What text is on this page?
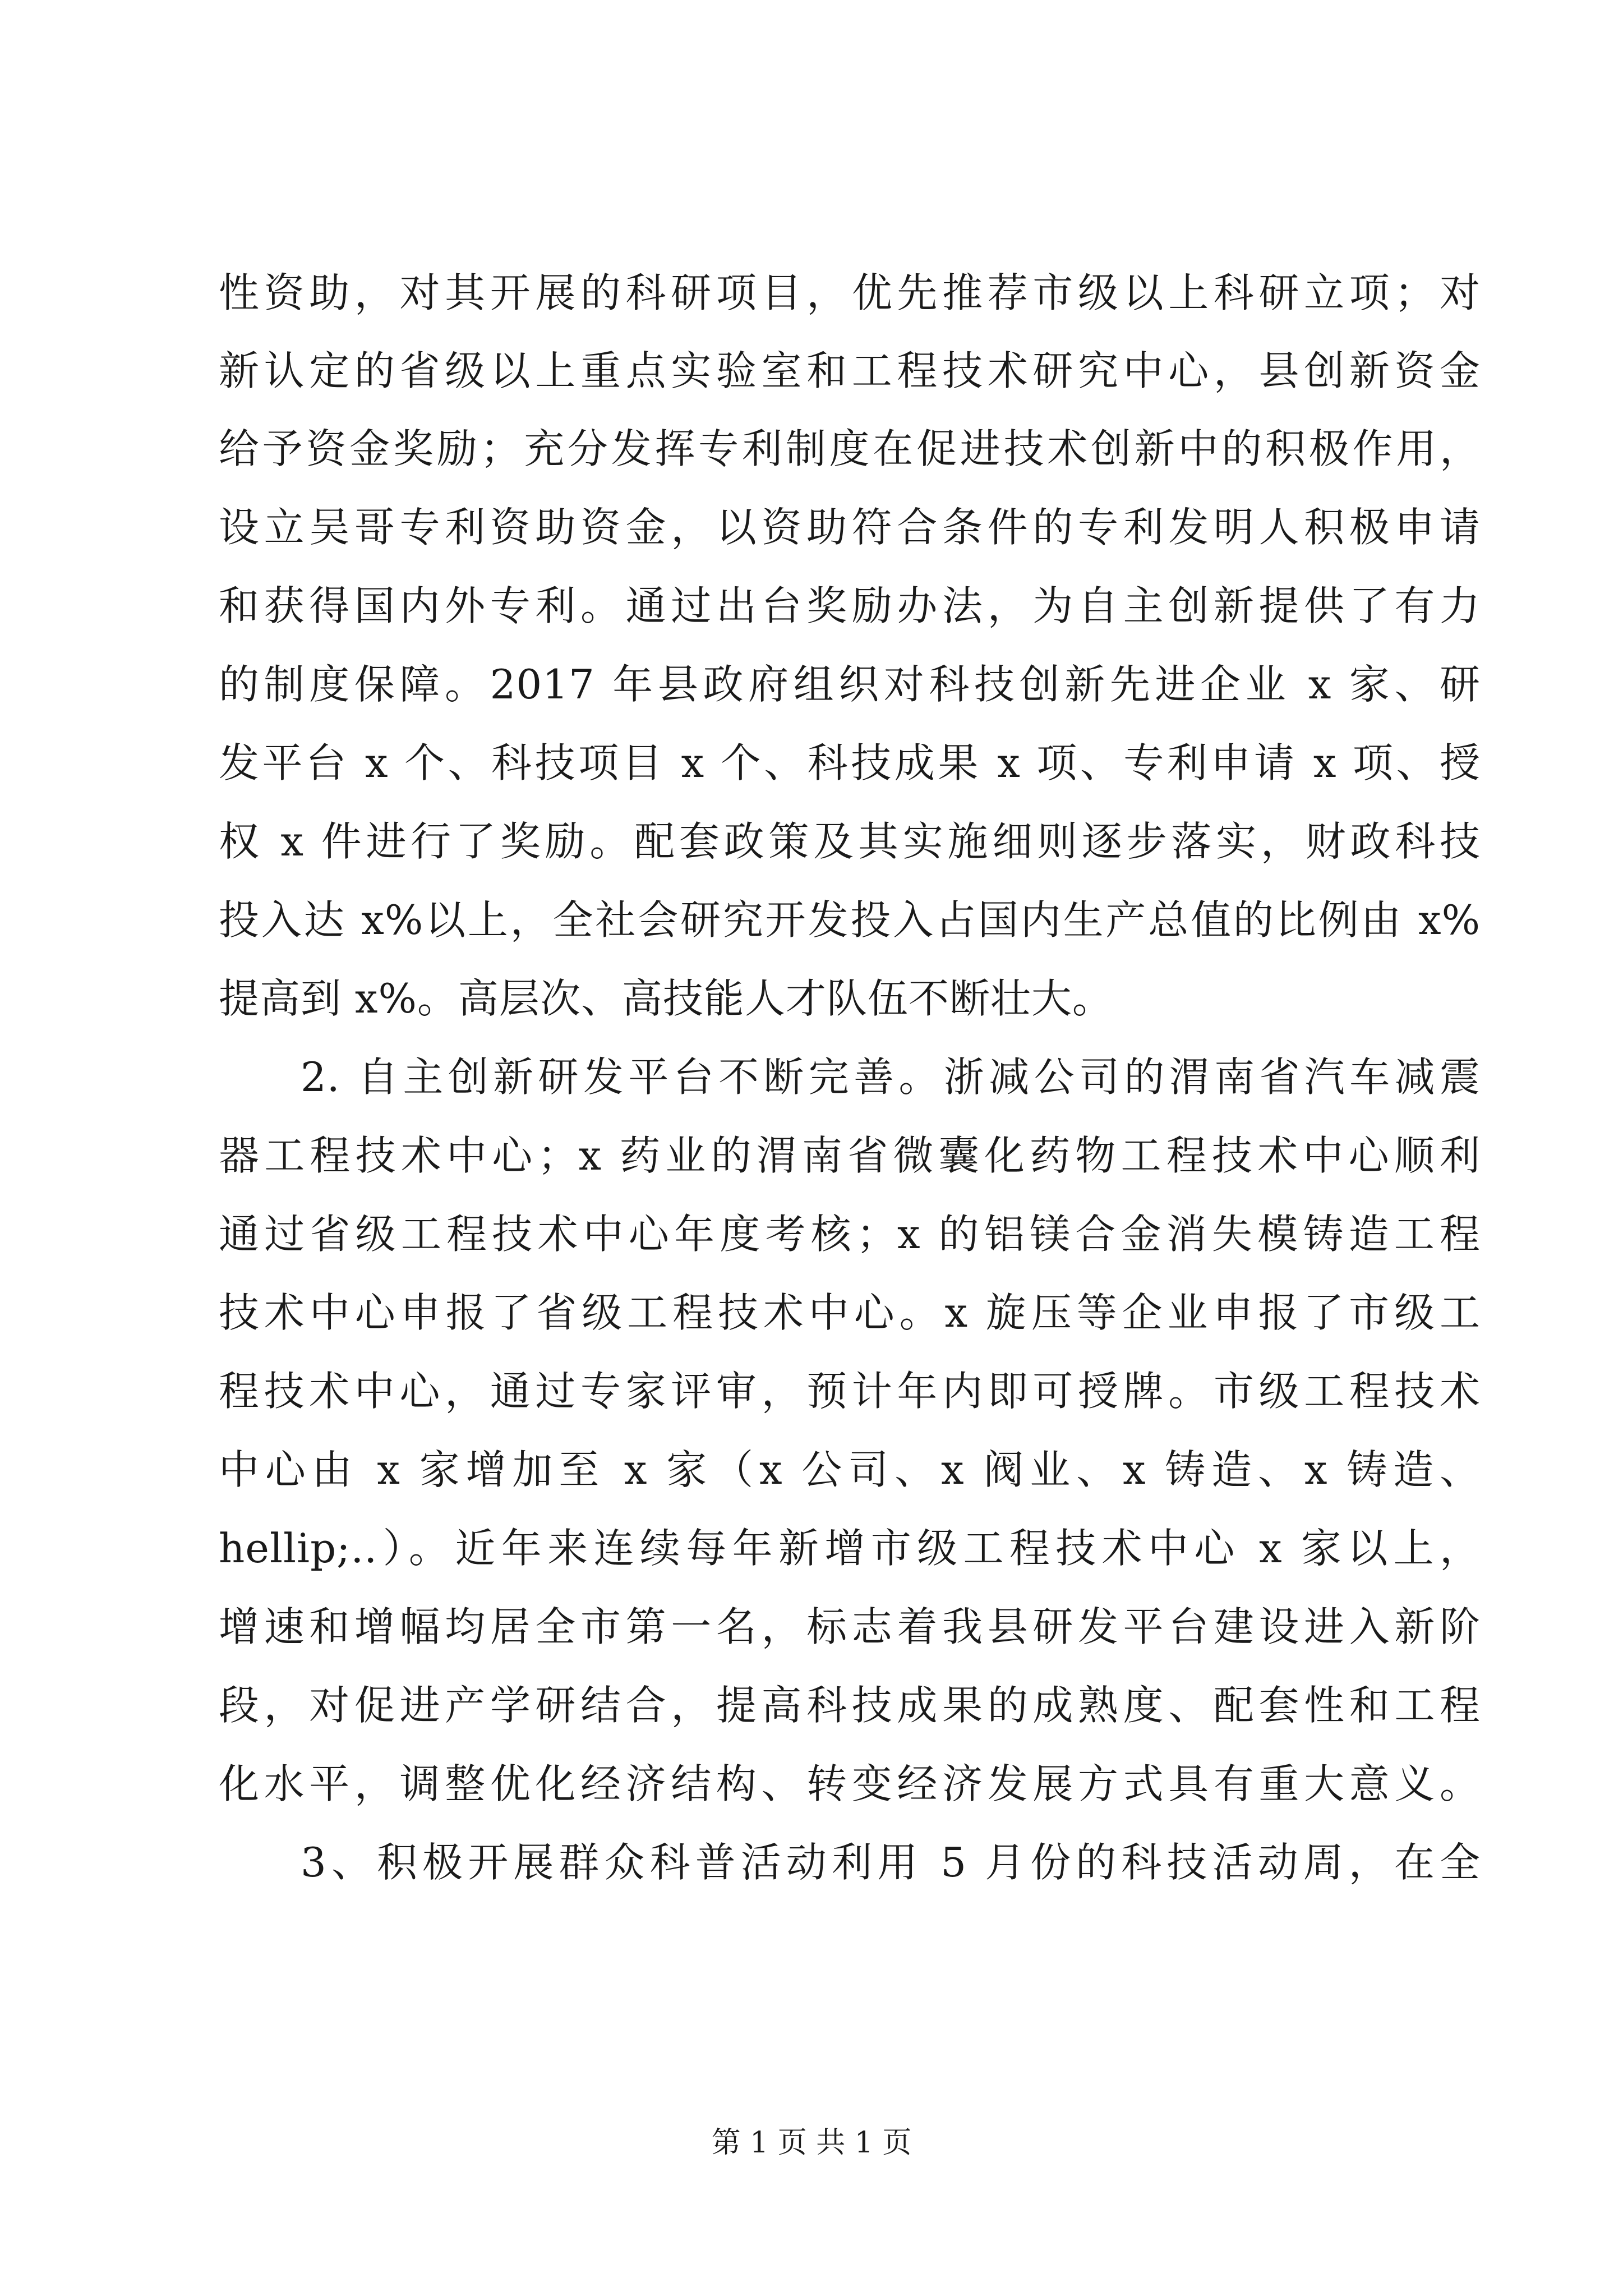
性资助，对其开展的科研项目，优先推荐市级以上科研立项；对
新认定的省级以上重点实验室和工程技术研究中心，县创新资金
给予资金奖励；充分发挥专利制度在促进技术创新中的积极作用，
设立吴哥专利资助资金，以资助符合条件的专利发明人积极申请
和获得国内外专利。通过出台奖励办法，为自主创新提供了有力
的制度保障。2017 年县政府组织对科技创新先进企业 x 家、研
发平台 x 个、科技项目 x 个、科技成果 x 项、专利申请 x 项、授
权 x 件进行了奖励。配套政策及其实施细则逐步落实，财政科技
投入达 x%以上，全社会研究开发投入占国内生产总值的比例由 x%
提高到 x%。高层次、高技能人才队伍不断壮大。
2. 自主创新研发平台不断完善。浙减公司的渭南省汽车减震
器工程技术中心；x 药业的渭南省微囊化药物工程技术中心顺利
通过省级工程技术中心年度考核；x 的铝镁合金消失模铸造工程
技术中心申报了省级工程技术中心。x 旋压等企业申报了市级工
程技术中心，通过专家评审，预计年内即可授牌。市级工程技术
中心由 x 家增加至 x 家（x 公司、x 阀业、x 铸造、x 铸造、
hellip;..）。近年来连续每年新增市级工程技术中心 x 家以上，
增速和增幅均居全市第一名，标志着我县研发平台建设进入新阶
段，对促进产学研结合，提高科技成果的成熟度、配套性和工程
化水平，调整优化经济结构、转变经济发展方式具有重大意义。
3、积极开展群众科普活动利用 5 月份的科技活动周，在全
第 1 页 共 1 页
